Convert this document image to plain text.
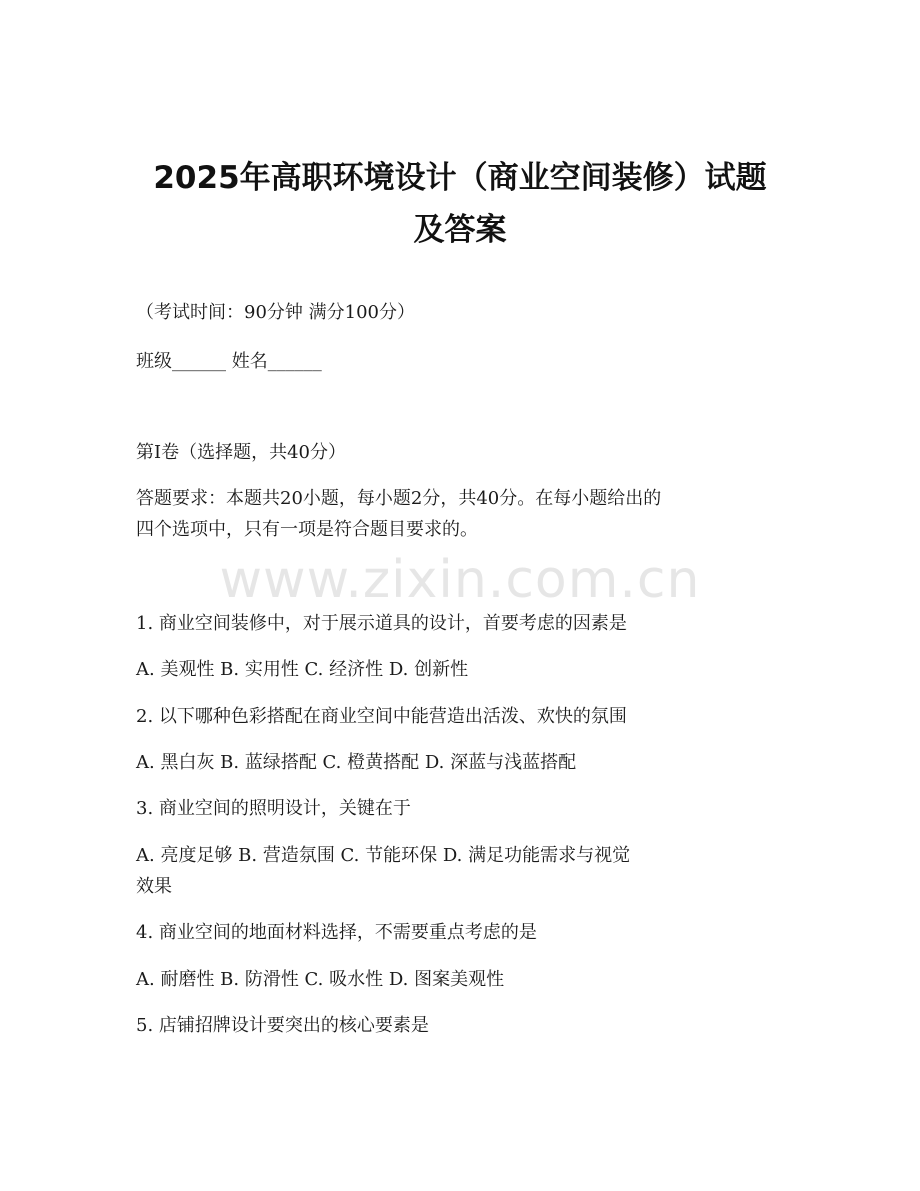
www.zixin.com.cn
2025年高职环境设计（商业空间装修）试题
及答案
（考试时间：90分钟 满分100分）
班级______ 姓名______
第I卷（选择题，共40分）
答题要求：本题共20小题，每小题2分，共40分。在每小题给出的
四个选项中，只有一项是符合题目要求的。
1. 商业空间装修中，对于展示道具的设计，首要考虑的因素是
A. 美观性 B. 实用性 C. 经济性 D. 创新性
2. 以下哪种色彩搭配在商业空间中能营造出活泼、欢快的氛围
A. 黑白灰 B. 蓝绿搭配 C. 橙黄搭配 D. 深蓝与浅蓝搭配
3. 商业空间的照明设计，关键在于
A. 亮度足够 B. 营造氛围 C. 节能环保 D. 满足功能需求与视觉
效果
4. 商业空间的地面材料选择，不需要重点考虑的是
A. 耐磨性 B. 防滑性 C. 吸水性 D. 图案美观性
5. 店铺招牌设计要突出的核心要素是
